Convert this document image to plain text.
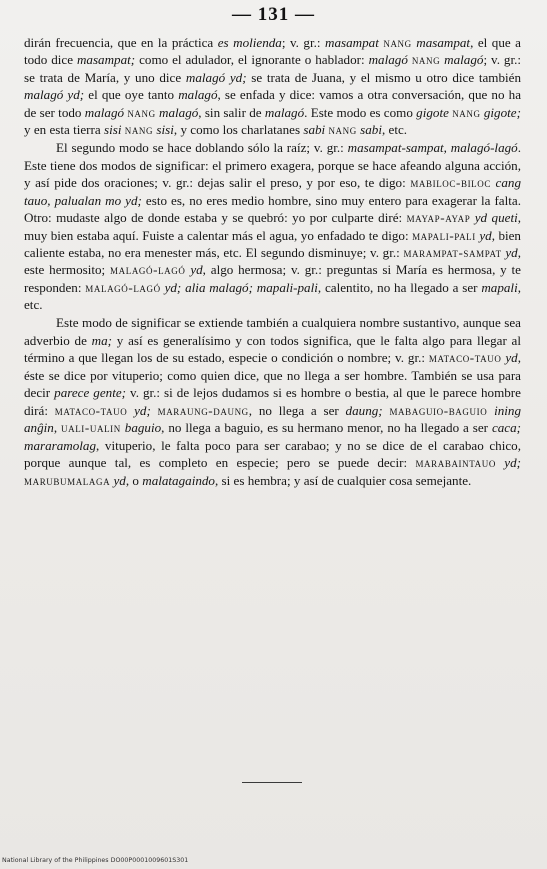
— 131 —

dirán frecuencia, que en la práctica es molienda; v. gr.: masampat nang masampat, el que a todo dice masampat; como el adulador, el ignorante o hablador: malagó nang malagó; v. gr.: se trata de María, y uno dice malagó yd; se trata de Juana, y el mismo u otro dice también malagó yd; el que oye tanto malagó, se enfada y dice: vamos a otra conversación, que no ha de ser todo malagó nang malagó, sin salir de malagó. Este modo es como gigote nang gigote; y en esta tierra sisi nang sisi, y como los charlatanes sabi nang sabi, etc.

El segundo modo se hace doblando sólo la raíz; v. gr.: masampat-sampat, malagó-lagó. Este tiene dos modos de significar: el primero exagera, porque se hace afeando alguna acción, y así pide dos oraciones; v. gr.: dejas salir el preso, y por eso, te digo: mabiloc-biloc cang tauo, palualan mo yd; esto es, no eres medio hombre, sino muy entero para exagerar la falta. Otro: mudaste algo de donde estaba y se quebró: yo por culparte diré: mayap-ayap yd queti, muy bien estaba aquí. Fuiste a calentar más el agua, yo enfadado te digo: mapali-pali yd, bien caliente estaba, no era menester más, etc. El segundo disminuye; v. gr.: marampat-sampat yd, este hermosito; malagó-lagó yd, algo hermosa; v. gr.: preguntas si María es hermosa, y te responden: malagó-lagó yd; alia malagó; mapali-pali, calentito, no ha llegado a ser mapali, etc.

Este modo de significar se extiende también a cualquiera nombre sustantivo, aunque sea adverbio de ma; y así es generalísimo y con todos significa, que le falta algo para llegar al término a que llegan los de su estado, especie o condición o nombre; v. gr.: mataco-tauo yd, éste se dice por vituperio; como quien dice, que no llega a ser hombre. También se usa para decir parece gente; v. gr.: si de lejos dudamos si es hombre o bestia, al que le parece hombre dirá: mataco-tauo yd; maraung-daung, no llega a ser daung; mabaguio-baguio ining anĝin, uali-ualin baguio, no llega a baguio, es su hermano menor, no ha llegado a ser caca; mararamolag, vituperio, le falta poco para ser carabao; y no se dice de el carabao chico, porque aunque tal, es completo en especie; pero se puede decir: marabaintauo yd; marubumalaga yd, o malatagaindo, si es hembra; y así de cualquier cosa semejante.

National Library of the Philippines DO00P0001009601S301
